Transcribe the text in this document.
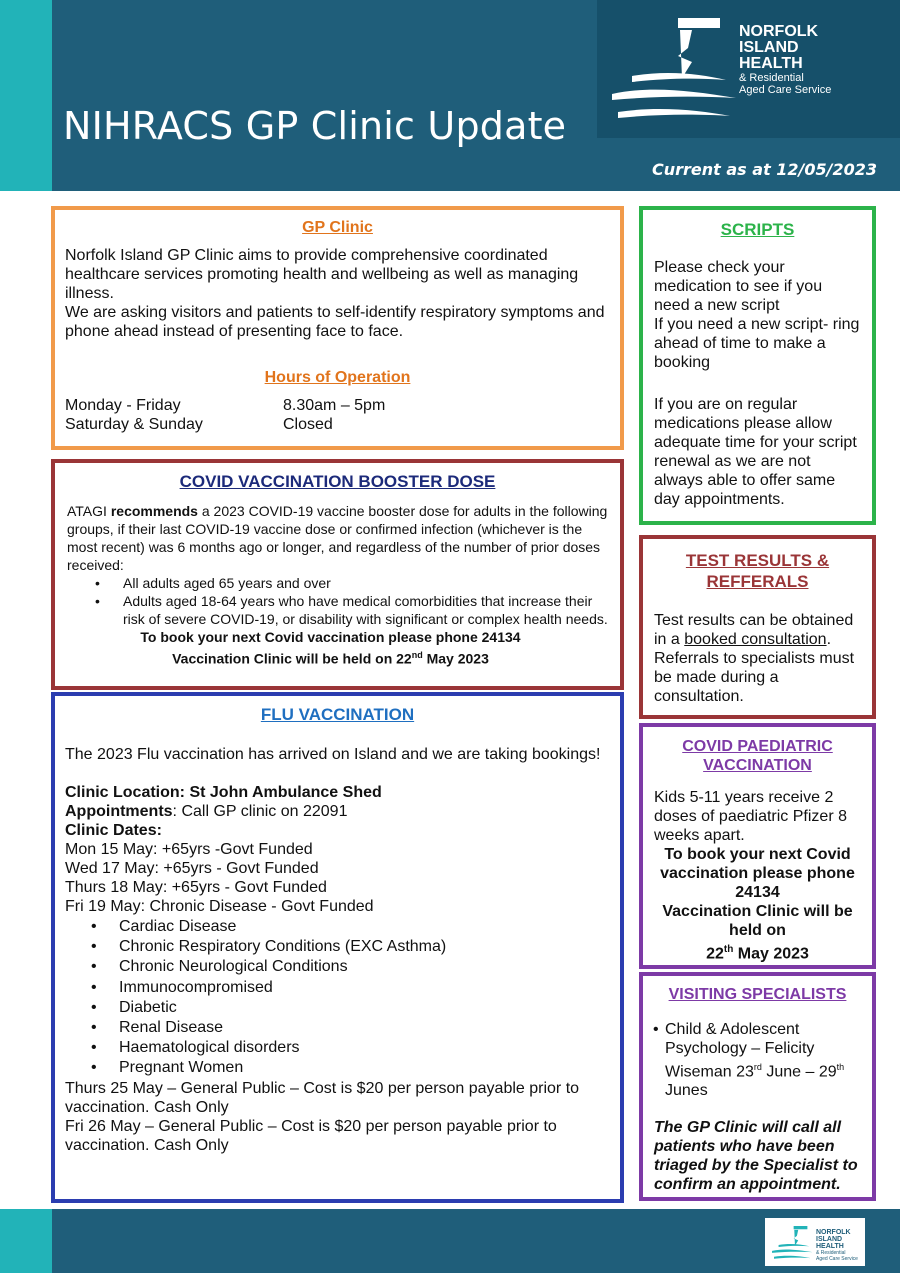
NORFOLK
ISLAND
HEALTH
& Residential
Aged Care Service
NIHRACS GP Clinic Update
Current as at 12/05/2023
GP Clinic
Norfolk Island GP Clinic aims to provide comprehensive coordinated healthcare services promoting health and wellbeing as well as managing illness.
We are asking visitors and patients to self-identify respiratory symptoms and phone ahead instead of presenting face to face.
Hours of Operation
Monday - Friday	8.30am – 5pm
Saturday & Sunday	Closed
COVID VACCINATION BOOSTER DOSE
ATAGI recommends a 2023 COVID-19 vaccine booster dose for adults in the following groups, if their last COVID-19 vaccine dose or confirmed infection (whichever is the most recent) was 6 months ago or longer, and regardless of the number of prior doses received:
• All adults aged 65 years and over
• Adults aged 18-64 years who have medical comorbidities that increase their risk of severe COVID-19, or disability with significant or complex health needs.
To book your next Covid vaccination please phone 24134
Vaccination Clinic will be held on 22nd May 2023
FLU VACCINATION
The 2023 Flu vaccination has arrived on Island and we are taking bookings!
Clinic Location: St John Ambulance Shed
Appointments: Call GP clinic on 22091
Clinic Dates:
Mon 15 May: +65yrs -Govt Funded
Wed 17 May: +65yrs - Govt Funded
Thurs 18 May: +65yrs - Govt Funded
Fri 19 May: Chronic Disease - Govt Funded
• Cardiac Disease
• Chronic Respiratory Conditions (EXC Asthma)
• Chronic Neurological Conditions
• Immunocompromised
• Diabetic
• Renal Disease
• Haematological disorders
• Pregnant Women
Thurs 25 May – General Public – Cost is $20 per person payable prior to vaccination. Cash Only
Fri 26 May – General Public – Cost is $20 per person payable prior to vaccination. Cash Only
SCRIPTS
Please check your medication to see if you need a new script
If you need a new script- ring ahead of time to make a booking
If you are on regular medications please allow adequate time for your script renewal as we are not always able to offer same day appointments.
TEST RESULTS & REFFERALS
Test results can be obtained in a booked consultation. Referrals to specialists must be made during a consultation.
COVID PAEDIATRIC VACCINATION
Kids 5-11 years receive 2 doses of paediatric Pfizer 8 weeks apart.
To book your next Covid vaccination please phone 24134
Vaccination Clinic will be held on
22th May 2023
VISITING SPECIALISTS
• Child & Adolescent Psychology – Felicity Wiseman 23rd June – 29th Junes
The GP Clinic will call all patients who have been triaged by the Specialist to confirm an appointment.
NORFOLK
ISLAND
HEALTH
& Residential
Aged Care Service
